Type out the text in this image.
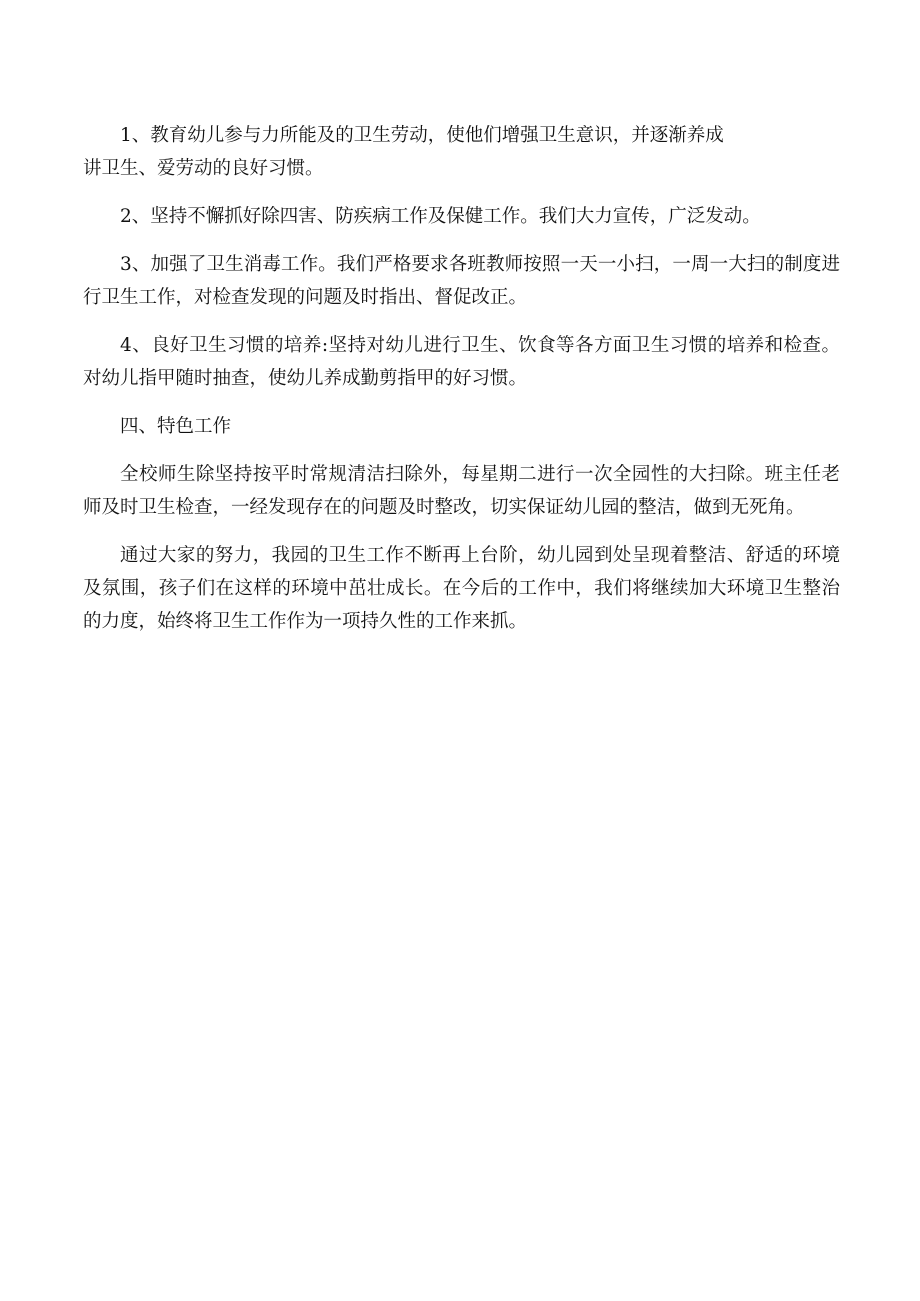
1、教育幼儿参与力所能及的卫生劳动，使他们增强卫生意识，并逐渐养成
讲卫生、爱劳动的良好习惯。

2、坚持不懈抓好除四害、防疾病工作及保健工作。我们大力宣传，广泛发动。

3、加强了卫生消毒工作。我们严格要求各班教师按照一天一小扫，一周一大扫的制度进行卫生工作，对检查发现的问题及时指出、督促改正。

4、良好卫生习惯的培养:坚持对幼儿进行卫生、饮食等各方面卫生习惯的培养和检查。对幼儿指甲随时抽查，使幼儿养成勤剪指甲的好习惯。

四、特色工作

全校师生除坚持按平时常规清洁扫除外，每星期二进行一次全园性的大扫除。班主任老师及时卫生检查，一经发现存在的问题及时整改，切实保证幼儿园的整洁，做到无死角。

通过大家的努力，我园的卫生工作不断再上台阶，幼儿园到处呈现着整洁、舒适的环境及氛围，孩子们在这样的环境中茁壮成长。在今后的工作中，我们将继续加大环境卫生整治的力度，始终将卫生工作作为一项持久性的工作来抓。
